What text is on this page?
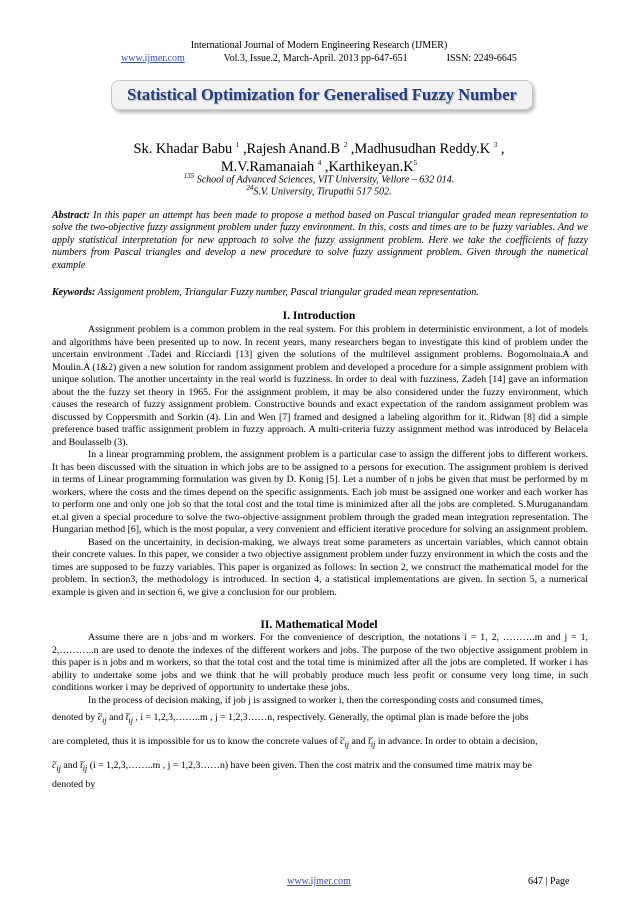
International Journal of Modern Engineering Research (IJMER)
www.ijmer.com	Vol.3, Issue.2, March-April. 2013 pp-647-651	ISSN: 2249-6645
Statistical Optimization for Generalised Fuzzy Number
Sk. Khadar Babu $^1$ ,Rajesh Anand.B $^2$ ,Madhusudhan Reddy.K $^3$ ,
M.V.Ramanaiah $^4$ $,Karthikeyan.K^5$
$^{135}$ School of Advanced Sciences, VIT University, Vellore – 632 014.
$^{24}$S.V. University, Tirupathi 517 502.
Abstract: In this paper an attempt has been made to propose a method based on Pascal triangular graded mean representation to solve the two-objective fuzzy assignment problem under fuzzy environment. In this, costs and times are to be fuzzy variables. And we apply statistical interpretation for new approach to solve the fuzzy assignment problem. Here we take the coefficients of fuzzy numbers from Pascal triangles and develop a new procedure to solve fuzzy assignment problem. Given through the numerical example
Keywords: Assignment problem, Triangular Fuzzy number, Pascal triangular graded mean representation.
I. Introduction

Assignment problem is a common problem in the real system. For this problem in deterministic environment, a lot of models and algorithms have been presented up to now. In recent years, many researchers began to investigate this kind of problem under the uncertain environment .Tadei and Ricciardi [13] given the solutions of the multilevel assignment problems. Bogomolnaia.A and Moulin.A (1&2) given a new solution for random assignment problem and developed a procedure for a simple assignment problem with unique solution. The another uncertainty in the real world is fuzziness. In order to deal with fuzziness, Zadeh [14] gave an information about the the fuzzy set theory in 1965. For the assignment problem, it may be also considered under the fuzzy environment, which causes the research of fuzzy assignment problem. Constructive bounds and exact expectation of the random assignment problem was discussed by Coppersmith and Sorkin (4). Lin and Wen [7] framed and designed a labeling algorithm for it. Ridwan [8] did a simple preference based traffic assignment problem in fuzzy approach. A multi-criteria fuzzy assignment method was introduced by Belacela and Boulasselb (3).

In a linear programming problem, the assignment problem is a particular case to assign the different jobs to different workers. It has been discussed with the situation in which jobs are to be assigned to a persons for execution. The assignment problem is derived in terms of Linear programming formulation was given by D. Konig [5]. Let a number of n jobs be given that must be performed by m workers, where the costs and the times depend on the specific assignments. Each job must be assigned one worker and each worker has to perform one and only one job so that the total cost and the total time is minimized after all the jobs are completed. S.Muruganandam et.al given a special procedure to solve the two-objective assignment problem through the graded mean integration representation. The Hungarian method [6], which is the most popular, a very convenient and efficient iterative procedure for solving an assignment problem.

Based on the uncertainity, in decision-making, we always treat some parameters as uncertain variables, which cannot obtain their concrete values. In this paper, we consider a two objective assignment problem under fuzzy environment in which the costs and the times are supposed to be fuzzy variables. This paper is organized as follows: In section 2, we construct the mathematical model for the problem. In section3, the methodology is introduced. In section 4, a statistical implementations are given. In section 5, a numerical example is given and in section 6, we give a conclusion for our problem.

II. Mathematical Model

Assume there are n jobs and m workers. For the convenience of description, the notations i = 1, 2, ……….m and j = 1, 2,………..n are used to denote the indexes of the different workers and jobs. The purpose of the two objective assignment problem in this paper is n jobs and m workers, so that the total cost and the total time is minimized after all the jobs are completed. If worker i has ability to undertake some jobs and we think that he will probably produce much less profit or consume very long time, in such conditions worker i may be deprived of opportunity to undertake these jobs.

In the process of decision making, if job j is assigned to worker i, then the corresponding costs and consumed times,

denoted by ~ $c_{ij}$ and ~ $t_{ij}$ , i = 1,2,3,……..m , j = 1,2,3……n, respectively. Generally, the optimal plan is made before the jobs

are completed, thus it is impossible for us to know the concrete values of ~ $c_{ij}$ and ~ $t_{ij}$ in advance. In order to obtain a decision,

~ $c_{ij}$ and ~ $t_{ij}$ (i = 1,2,3,……..m , j = 1,2,3……n) have been given. Then the cost matrix and the consumed time matrix may be

denoted by

www.ijmer.com	647 | Page
